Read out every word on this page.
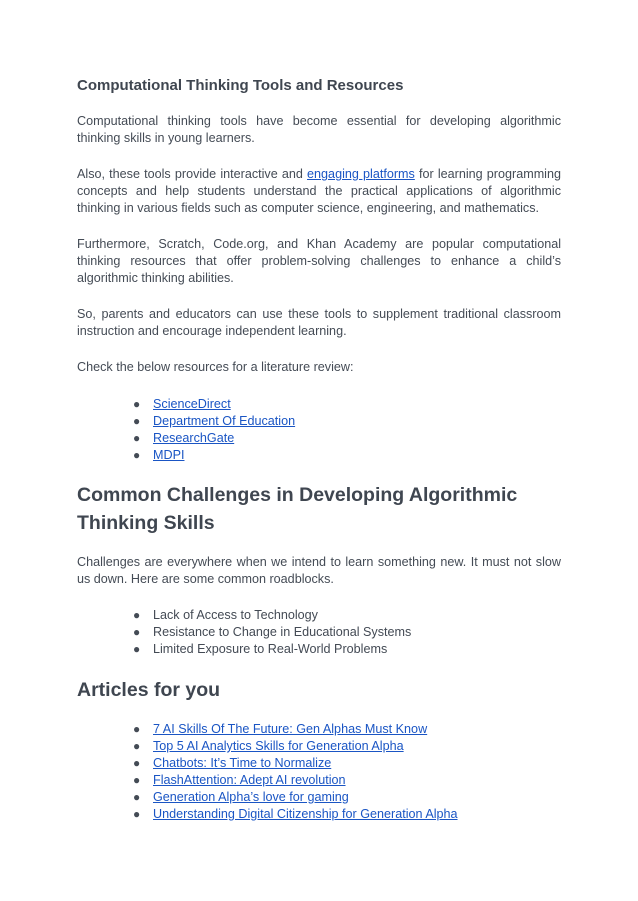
Computational Thinking Tools and Resources

Computational thinking tools have become essential for developing algorithmic thinking skills in young learners.

Also, these tools provide interactive and engaging platforms for learning programming concepts and help students understand the practical applications of algorithmic thinking in various fields such as computer science, engineering, and mathematics.

Furthermore, Scratch, Code.org, and Khan Academy are popular computational thinking resources that offer problem-solving challenges to enhance a child’s algorithmic thinking abilities.

So, parents and educators can use these tools to supplement traditional classroom instruction and encourage independent learning.

Check the below resources for a literature review:

● ScienceDirect
● Department Of Education
● ResearchGate
● MDPI
Common Challenges in Developing Algorithmic Thinking Skills

Challenges are everywhere when we intend to learn something new. It must not slow us down. Here are some common roadblocks.

● Lack of Access to Technology
● Resistance to Change in Educational Systems
● Limited Exposure to Real-World Problems
Articles for you
● 7 AI Skills Of The Future: Gen Alphas Must Know
● Top 5 AI Analytics Skills for Generation Alpha
● Chatbots: It’s Time to Normalize
● FlashAttention: Adept AI revolution
● Generation Alpha’s love for gaming
● Understanding Digital Citizenship for Generation Alpha
